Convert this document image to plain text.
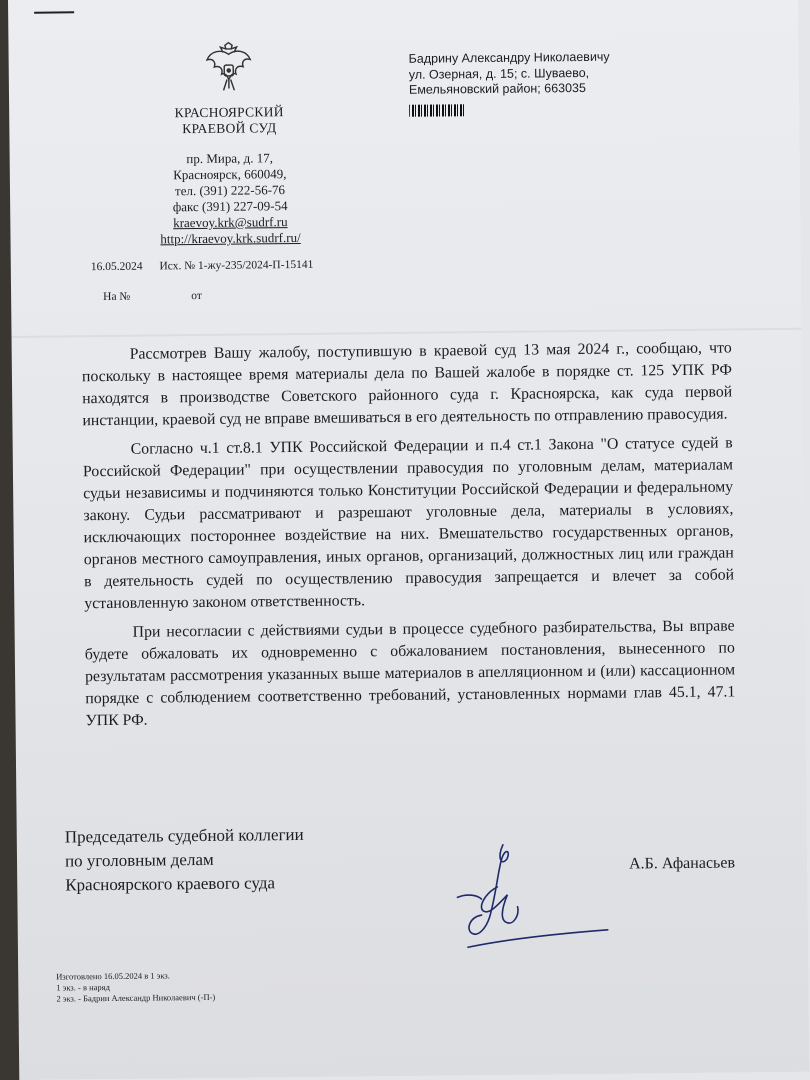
КРАСНОЯРСКИЙ
КРАЕВОЙ СУД
пр. Мира, д. 17,
Красноярск, 660049,
тел. (391) 222-56-76
факс (391) 227-09-54
kraevoy.krk@sudrf.ru
http://kraevoy.krk.sudrf.ru/
16.05.2024 Исх. № 1-жу-235/2024-П-15141
На №	от
Бадрину Александру Николаевичу
ул. Озерная, д. 15; с. Шуваево,
Емельяновский район; 663035

Рассмотрев Вашу жалобу, поступившую в краевой суд 13 мая 2024 г., сообщаю, что поскольку в настоящее время материалы дела по Вашей жалобе в порядке ст. 125 УПК РФ находятся в производстве Советского районного суда г. Красноярска, как суда первой инстанции, краевой суд не вправе вмешиваться в его деятельность по отправлению правосудия.

Согласно ч.1 ст.8.1 УПК Российской Федерации и п.4 ст.1 Закона "О статусе судей в Российской Федерации" при осуществлении правосудия по уголовным делам, материалам судьи независимы и подчиняются только Конституции Российской Федерации и федеральному закону. Судьи рассматривают и разрешают уголовные дела, материалы в условиях, исключающих постороннее воздействие на них. Вмешательство государственных органов, органов местного самоуправления, иных органов, организаций, должностных лиц или граждан в деятельность судей по осуществлению правосудия запрещается и влечет за собой установленную законом ответственность.

При несогласии с действиями судьи в процессе судебного разбирательства, Вы вправе будете обжаловать их одновременно с обжалованием постановления, вынесенного по результатам рассмотрения указанных выше материалов в апелляционном и (или) кассационном порядке с соблюдением соответственно требований, установленных нормами глав 45.1, 47.1 УПК РФ.

Председатель судебной коллегии
по уголовным делам
Красноярского краевого суда
А.Б. Афанасьев
Изготовлено 16.05.2024 в 1 экз.
1 экз. - в наряд
2 экз. - Бадрин Александр Николаевич (-П-)
